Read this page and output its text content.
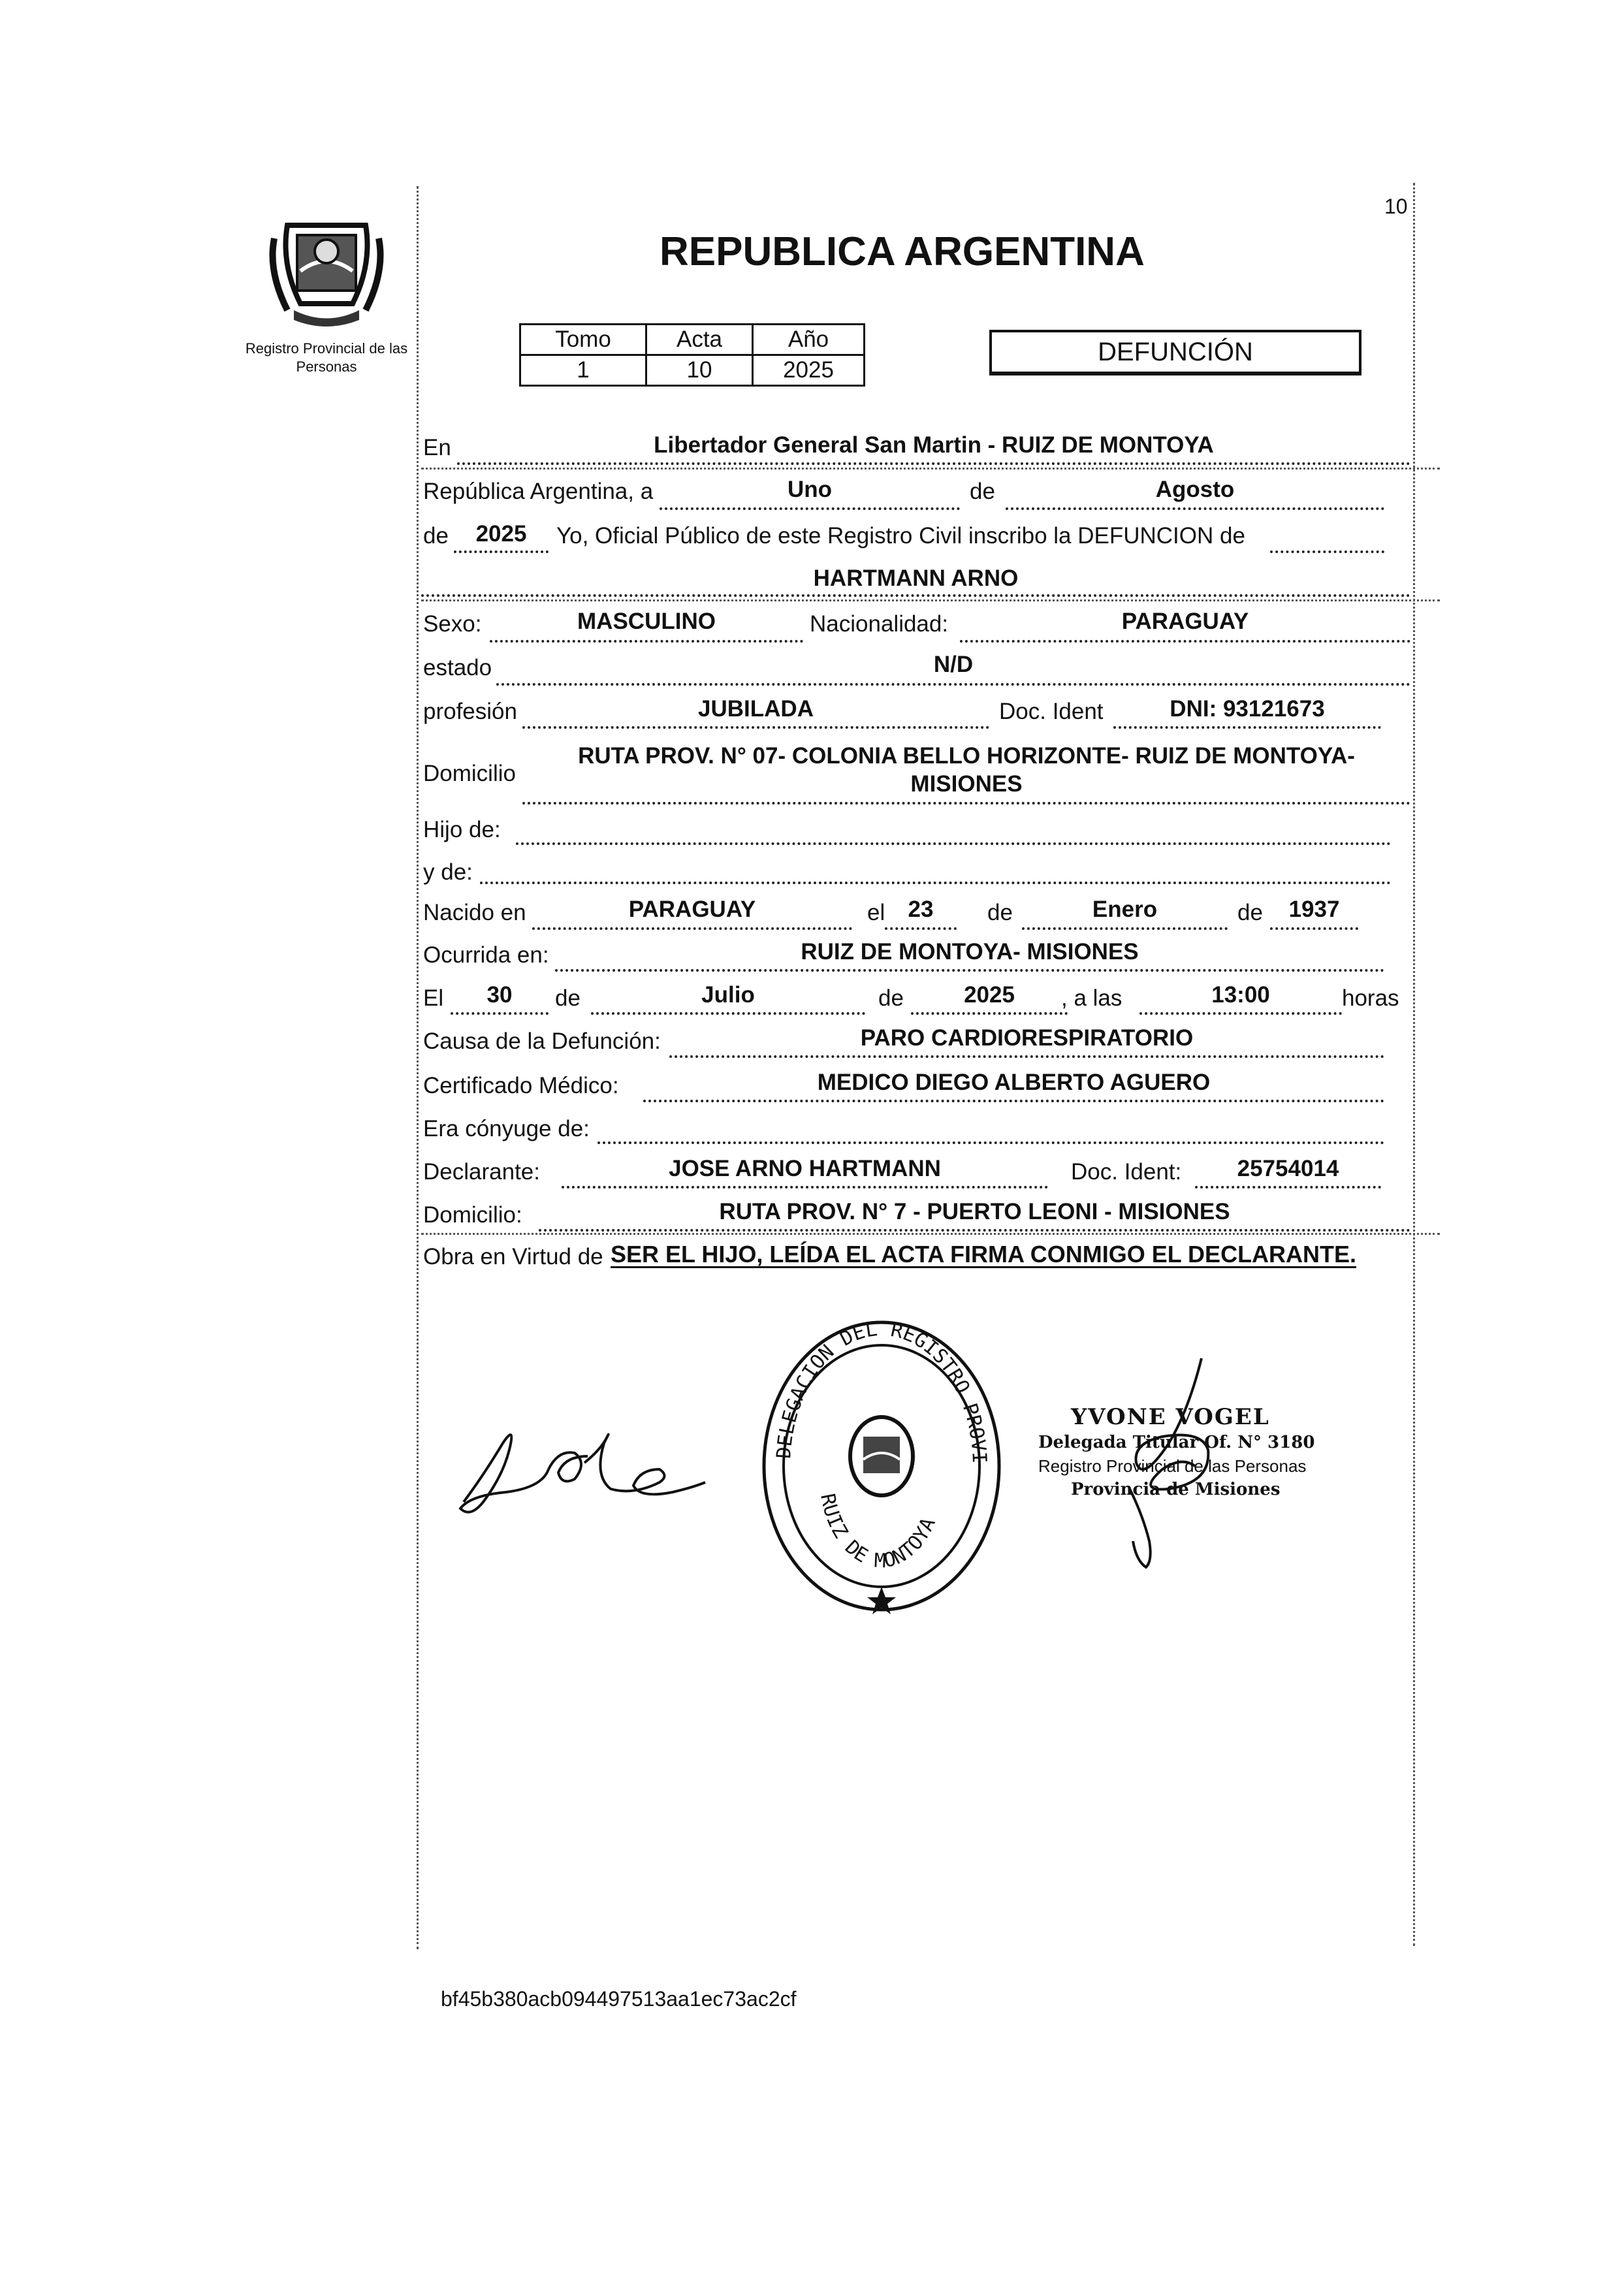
10
Registro Provincial de las Personas
REPUBLICA ARGENTINA
Tomo	Acta	Año
1	10	2025
DEFUNCIÓN
En	Libertador General San Martin - RUIZ DE MONTOYA
República Argentina, a	Uno	de	Agosto
de	2025	Yo, Oficial Público de este Registro Civil inscribo la DEFUNCION de
HARTMANN ARNO
Sexo:	MASCULINO	Nacionalidad:	PARAGUAY
estado	N/D
profesión	JUBILADA	Doc. Ident	DNI: 93121673
Domicilio
RUTA PROV. N° 07- COLONIA BELLO HORIZONTE- RUIZ DE MONTOYA-
MISIONES
Hijo de:
y de:
Nacido en	PARAGUAY	el	23	de	Enero	de	1937
Ocurrida en:	RUIZ DE MONTOYA- MISIONES
El	30	de	Julio	de	2025	, a las	13:00	horas
Causa de la Defunción:	PARO CARDIORESPIRATORIO
Certificado Médico:	MEDICO DIEGO ALBERTO AGUERO
Era cónyuge de:
Declarante:	JOSE ARNO HARTMANN	Doc. Ident:	25754014
Domicilio:	RUTA PROV. N° 7 - PUERTO LEONI - MISIONES
Obra en Virtud de SER EL HIJO, LEÍDA EL ACTA FIRMA CONMIGO EL DECLARANTE.
DELEGACION DEL REGISTRO PROVI
RUIZ DE MONTOYA
YVONE VOGEL
Delegada Titular Of. N° 3180
Registro Provincial de las Personas
Provincia de Misiones
bf45b380acb094497513aa1ec73ac2cf
